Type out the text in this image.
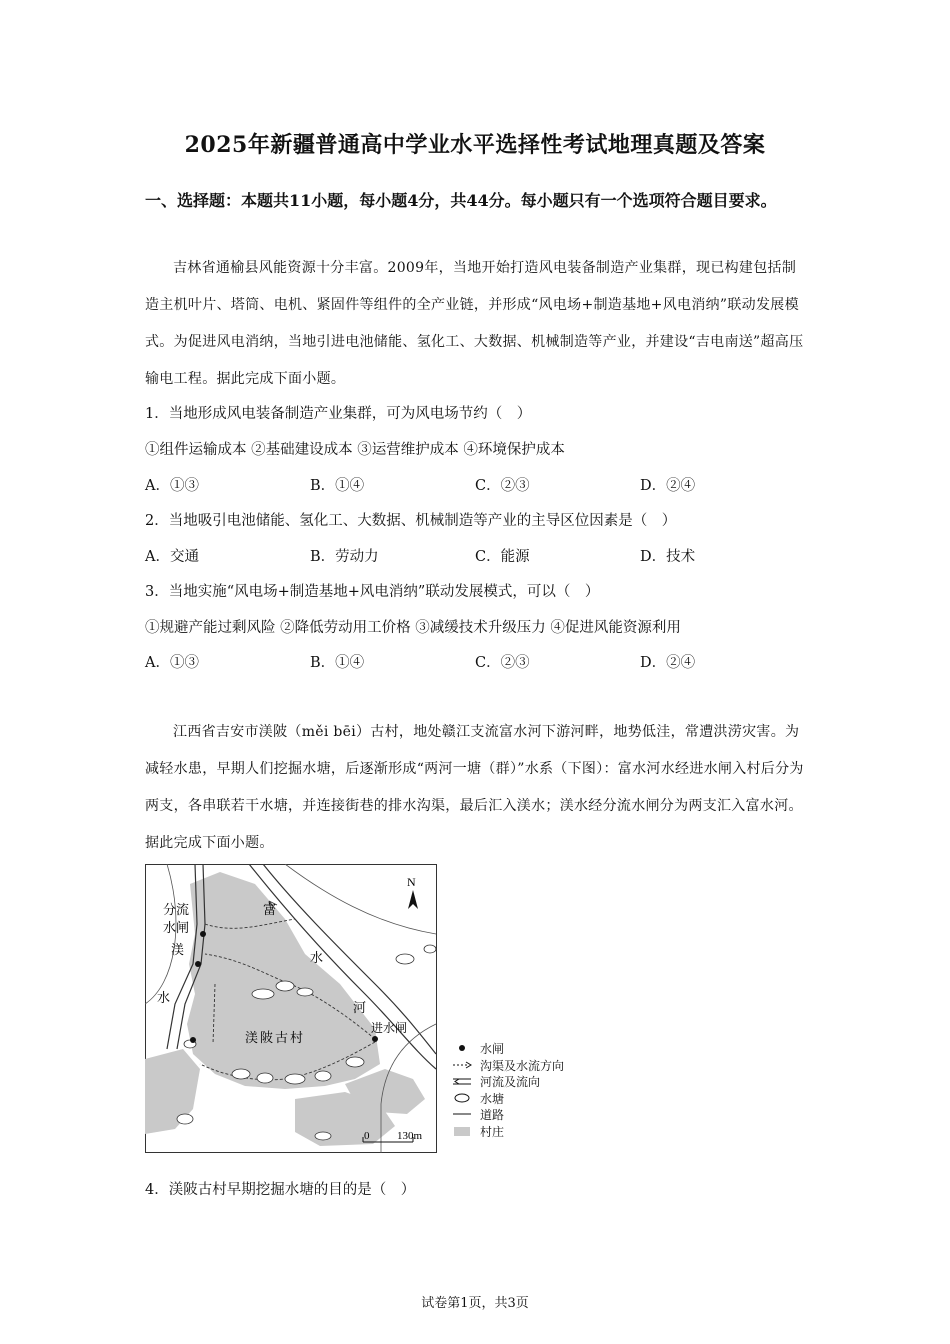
2025年新疆普通高中学业水平选择性考试地理真题及答案
一、选择题：本题共11小题，每小题4分，共44分。每小题只有一个选项符合题目要求。
吉林省通榆县风能资源十分丰富。2009年，当地开始打造风电装备制造产业集群，现已构建包括制造主机叶片、塔筒、电机、紧固件等组件的全产业链，并形成“风电场+制造基地+风电消纳”联动发展模式。为促进风电消纳，当地引进电池储能、氢化工、大数据、机械制造等产业，并建设“吉电南送”超高压输电工程。据此完成下面小题。
1．当地形成风电装备制造产业集群，可为风电场节约（　）
①组件运输成本 ②基础建设成本 ③运营维护成本 ④环境保护成本
A．①③	B．①④	C．②③	D．②④
2．当地吸引电池储能、氢化工、大数据、机械制造等产业的主导区位因素是（　）
A．交通	B．劳动力	C．能源	D．技术
3．当地实施“风电场+制造基地+风电消纳”联动发展模式，可以（　）
①规避产能过剩风险 ②降低劳动用工价格 ③减缓技术升级压力 ④促进风能资源利用
A．①③	B．①④	C．②③	D．②④
江西省吉安市渼陂（měi bēi）古村，地处赣江支流富水河下游河畔，地势低洼，常遭洪涝灾害。为减轻水患，早期人们挖掘水塘，后逐渐形成“两河一塘（群）”水系（下图）：富水河水经进水闸入村后分为两支，各串联若干水塘，并连接街巷的排水沟渠，最后汇入渼水；渼水经分流水闸分为两支汇入富水河。据此完成下面小题。
N
分流
水闸
渼
水
富
水
河
进水闸
渼陂古村
0	130m
水闸
沟渠及水流方向
河流及流向
水塘
道路
村庄
4．渼陂古村早期挖掘水塘的目的是（　）
试卷第1页，共3页
